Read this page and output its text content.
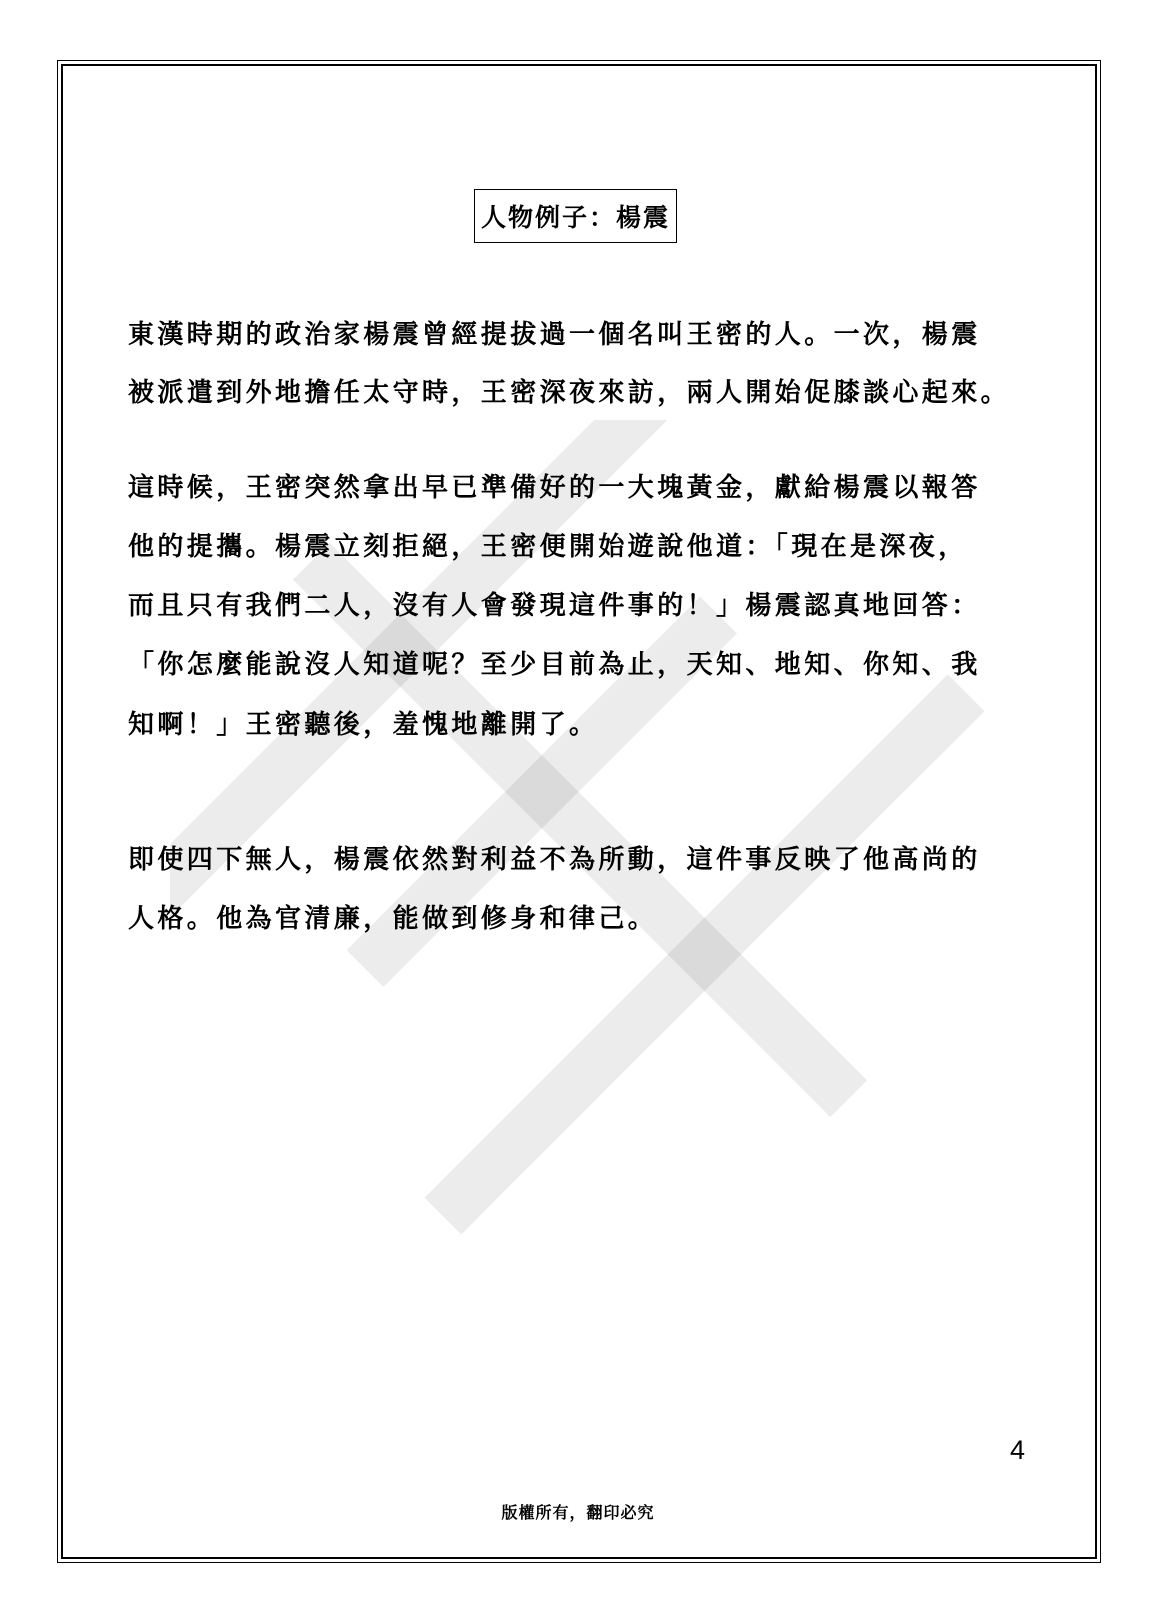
人物例子：楊震
東漢時期的政治家楊震曾經提拔過一個名叫王密的人。一次，楊震
被派遣到外地擔任太守時，王密深夜來訪，兩人開始促膝談心起來。
這時候，王密突然拿出早已準備好的一大塊黃金，獻給楊震以報答
他的提攜。楊震立刻拒絕，王密便開始遊說他道：「現在是深夜，
而且只有我們二人，沒有人會發現這件事的！」楊震認真地回答：
「你怎麼能說沒人知道呢？至少目前為止，天知、地知、你知、我
知啊！」王密聽後，羞愧地離開了。
即使四下無人，楊震依然對利益不為所動，這件事反映了他高尚的
人格。他為官清廉，能做到修身和律己。
4
版權所有，翻印必究
